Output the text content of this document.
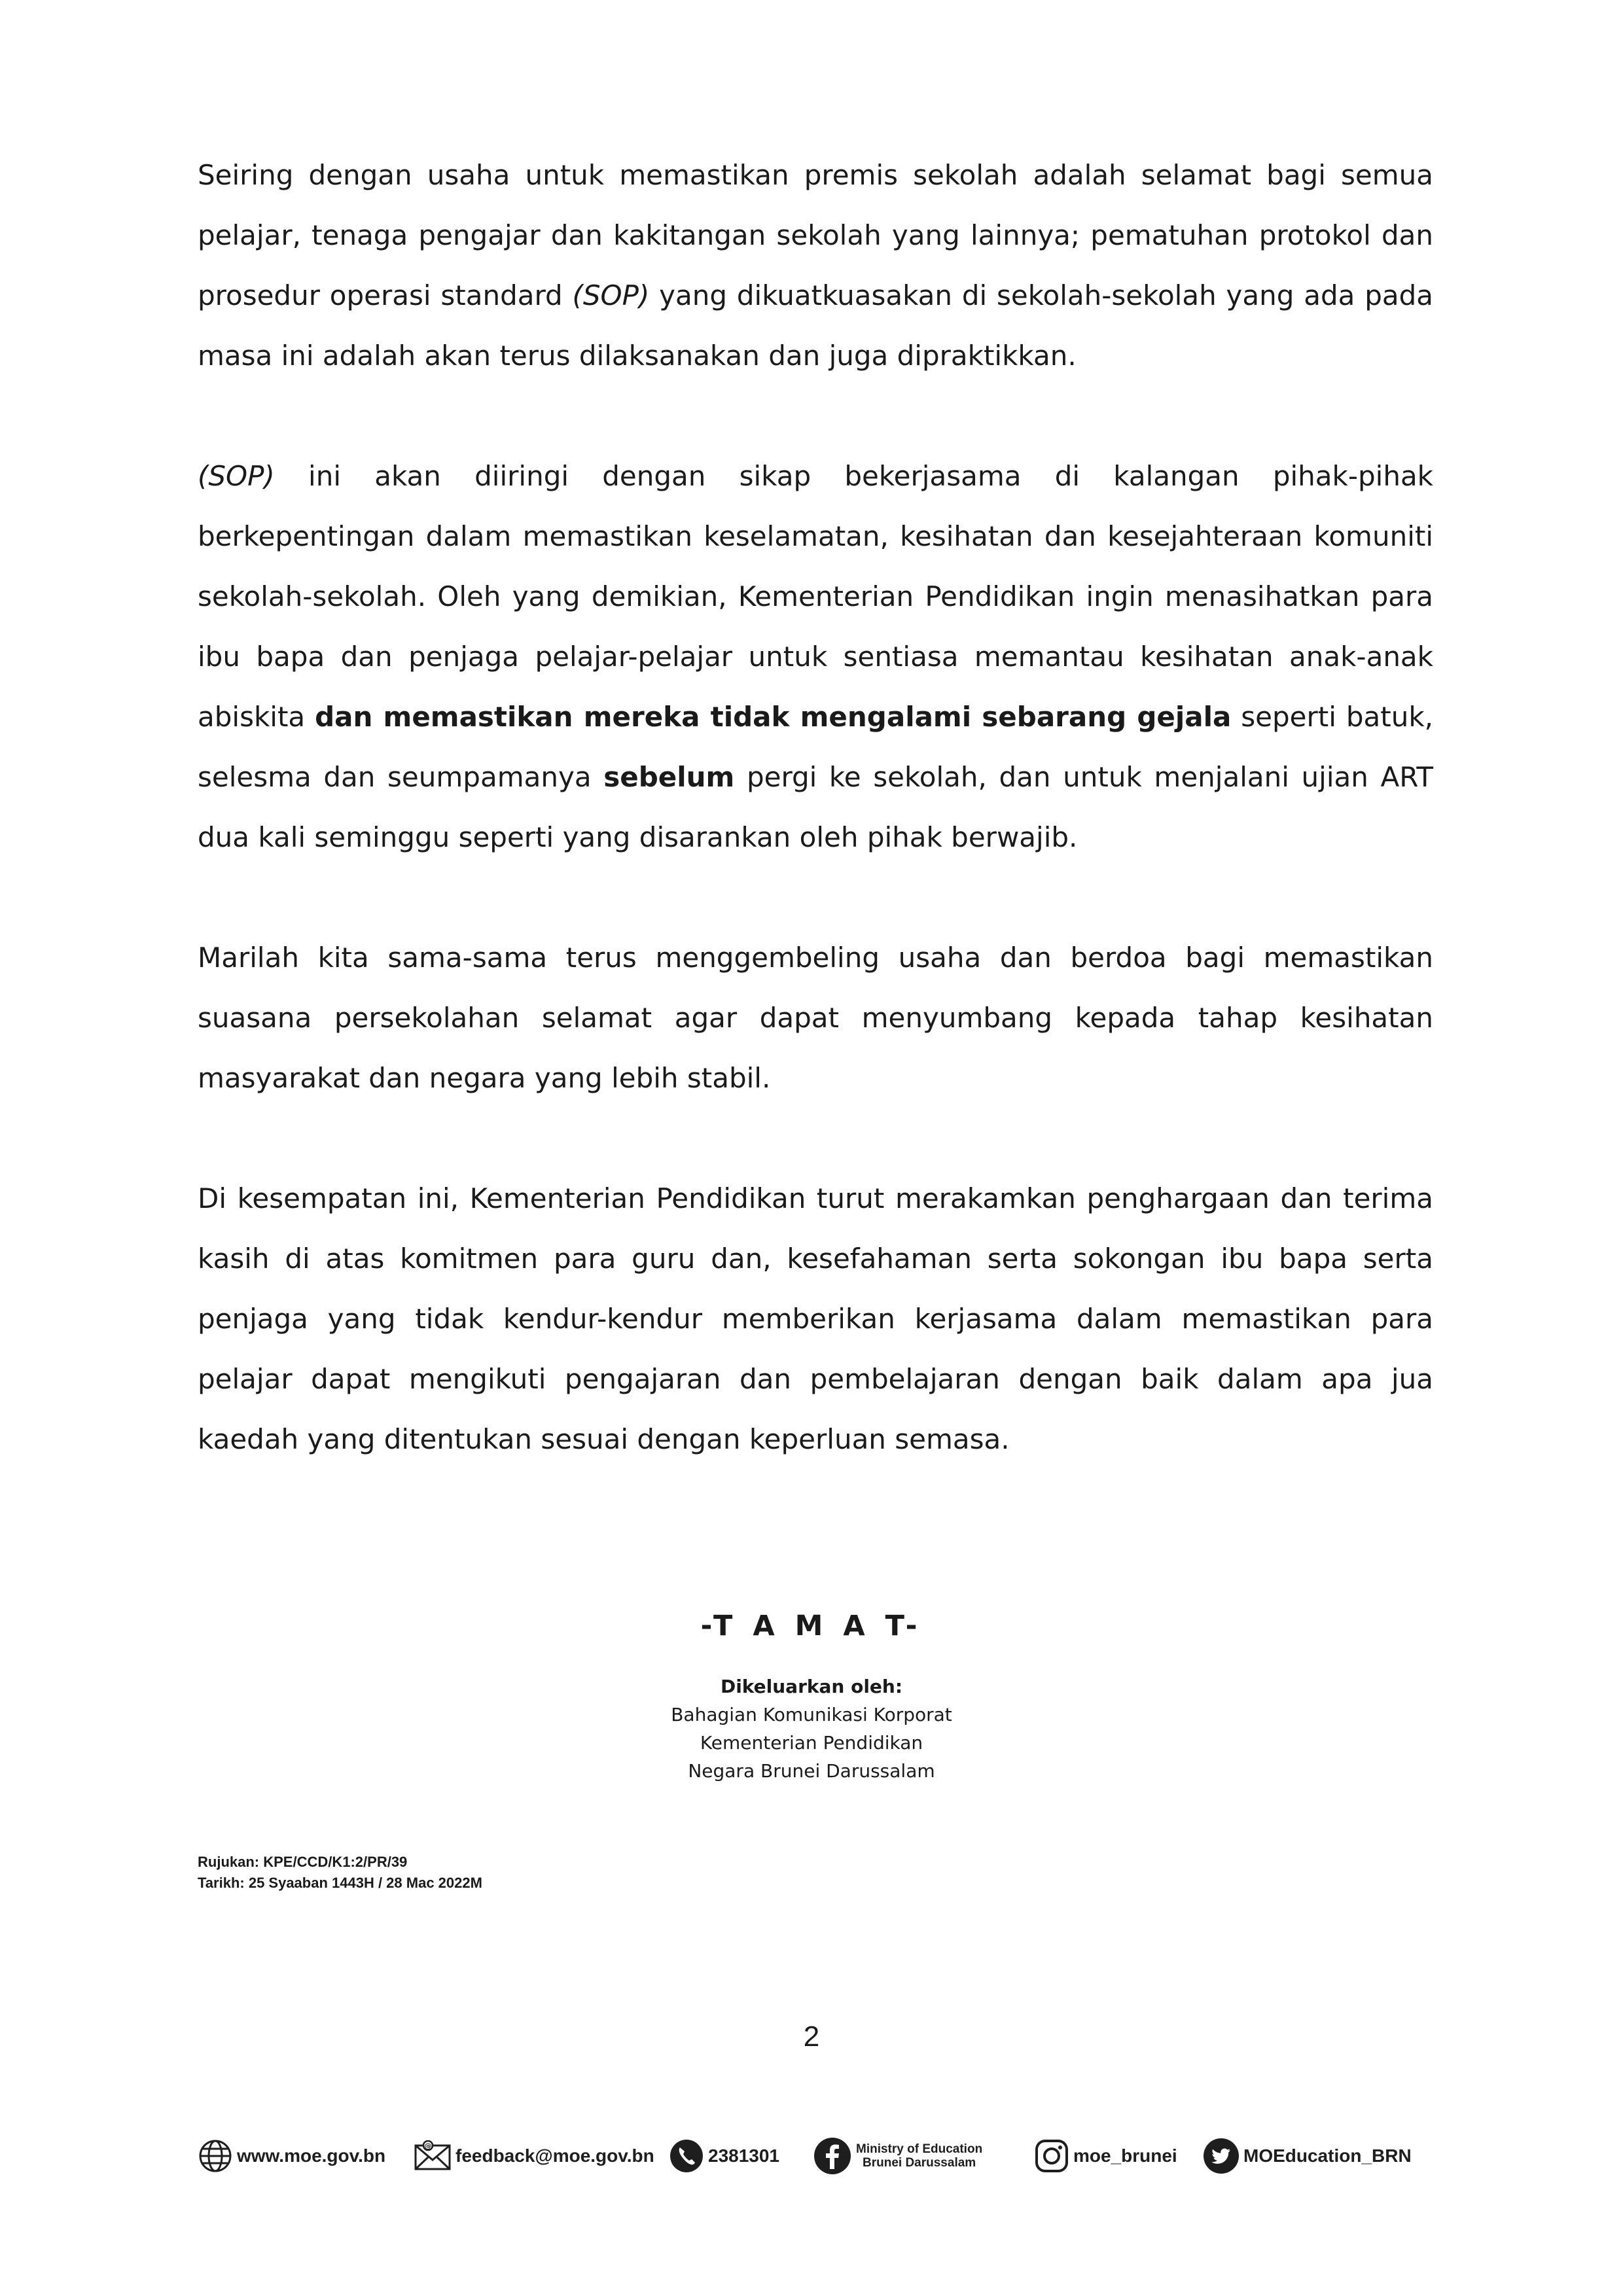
Seiring dengan usaha untuk memastikan premis sekolah adalah selamat bagi semua pelajar, tenaga pengajar dan kakitangan sekolah yang lainnya; pematuhan protokol dan prosedur operasi standard (SOP) yang dikuatkuasakan di sekolah-sekolah yang ada pada masa ini adalah akan terus dilaksanakan dan juga dipraktikkan.

(SOP) ini akan diiringi dengan sikap bekerjasama di kalangan pihak-pihak berkepentingan dalam memastikan keselamatan, kesihatan dan kesejahteraan komuniti sekolah-sekolah. Oleh yang demikian, Kementerian Pendidikan ingin menasihatkan para ibu bapa dan penjaga pelajar-pelajar untuk sentiasa memantau kesihatan anak-anak abiskita dan memastikan mereka tidak mengalami sebarang gejala seperti batuk, selesma dan seumpamanya sebelum pergi ke sekolah, dan untuk menjalani ujian ART dua kali seminggu seperti yang disarankan oleh pihak berwajib.

Marilah kita sama-sama terus menggembeling usaha dan berdoa bagi memastikan suasana persekolahan selamat agar dapat menyumbang kepada tahap kesihatan masyarakat dan negara yang lebih stabil.

Di kesempatan ini, Kementerian Pendidikan turut merakamkan penghargaan dan terima kasih di atas komitmen para guru dan, kesefahaman serta sokongan ibu bapa serta penjaga yang tidak kendur-kendur memberikan kerjasama dalam memastikan para pelajar dapat mengikuti pengajaran dan pembelajaran dengan baik dalam apa jua kaedah yang ditentukan sesuai dengan keperluan semasa.

-T A M A T-
Dikeluarkan oleh:
Bahagian Komunikasi Korporat
Kementerian Pendidikan
Negara Brunei Darussalam
Rujukan: KPE/CCD/K1:2/PR/39
Tarikh: 25 Syaaban 1443H / 28 Mac 2022M
2
www.moe.gov.bn	@ feedback@moe.gov.bn	2381301	Ministry of Education
Brunei Darussalam	moe_brunei	MOEducation_BRN
